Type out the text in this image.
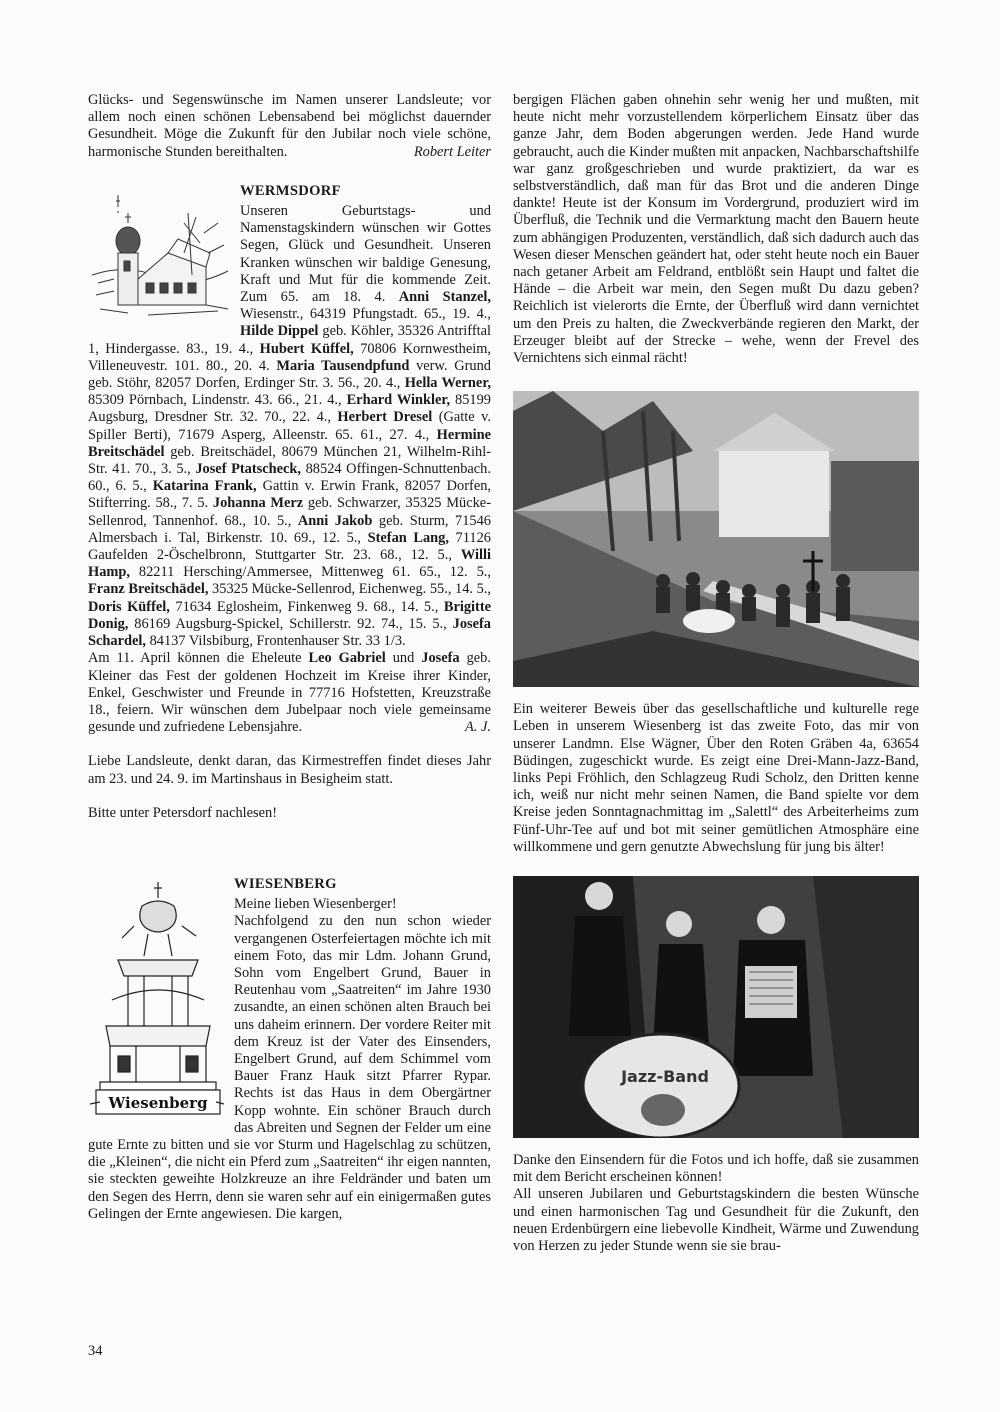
Glücks- und Segenswünsche im Namen unserer Landsleute; vor allem noch einen schönen Lebensabend bei möglichst dauernder Gesundheit. Möge die Zukunft für den Jubilar noch viele schöne, harmonische Stunden bereithalten.	Robert Leiter

WERMSDORF

Unseren Geburtstags- und Namenstagskindern wünschen wir Gottes Segen, Glück und Gesundheit. Unseren Kranken wünschen wir baldige Genesung, Kraft und Mut für die kommende Zeit. Zum 65. am 18. 4. Anni Stanzel, Wiesenstr., 64319 Pfungstadt. 65., 19. 4., Hilde Dippel geb. Köhler, 35326 Antrifftal 1, Hindergasse. 83., 19. 4., Hubert Küffel, 70806 Kornwestheim, Villeneuvestr. 101. 80., 20. 4. Maria Tausendpfund verw. Grund geb. Stöhr, 82057 Dorfen, Erdinger Str. 3. 56., 20. 4., Hella Werner, 85309 Pörnbach, Lindenstr. 43. 66., 21. 4., Erhard Winkler, 85199 Augsburg, Dresdner Str. 32. 70., 22. 4., Herbert Dresel (Gatte v. Spiller Berti), 71679 Asperg, Alleenstr. 65. 61., 27. 4., Hermine Breitschädel geb. Breitschädel, 80679 München 21, Wilhelm-Rihl-Str. 41. 70., 3. 5., Josef Ptatscheck, 88524 Offingen-Schnuttenbach. 60., 6. 5., Katarina Frank, Gattin v. Erwin Frank, 82057 Dorfen, Stifterring. 58., 7. 5. Johanna Merz geb. Schwarzer, 35325 Mücke-Sellenrod, Tannenhof. 68., 10. 5., Anni Jakob geb. Sturm, 71546 Almersbach i. Tal, Birkenstr. 10. 69., 12. 5., Stefan Lang, 71126 Gaufelden 2-Öschelbronn, Stuttgarter Str. 23. 68., 12. 5., Willi Hamp, 82211 Hersching/Ammersee, Mittenweg 61. 65., 12. 5., Franz Breitschädel, 35325 Mücke-Sellenrod, Eichenweg. 55., 14. 5., Doris Küffel, 71634 Eglosheim, Finkenweg 9. 68., 14. 5., Brigitte Donig, 86169 Augsburg-Spickel, Schillerstr. 92. 74., 15. 5., Josefa Schardel, 84137 Vilsbiburg, Frontenhauser Str. 33 1/3.

Am 11. April können die Eheleute Leo Gabriel und Josefa geb. Kleiner das Fest der goldenen Hochzeit im Kreise ihrer Kinder, Enkel, Geschwister und Freunde in 77716 Hofstetten, Kreuzstraße 18., feiern. Wir wünschen dem Jubelpaar noch viele gemeinsame gesunde und zufriedene Lebensjahre.	A. J.

Liebe Landsleute, denkt daran, das Kirmestreffen findet dieses Jahr am 23. und 24. 9. im Martinshaus in Besigheim statt.

Bitte unter Petersdorf nachlesen!

Wiesenberg
WIESENBERG

Meine lieben Wiesenberger!

Nachfolgend zu den nun schon wieder vergangenen Osterfeiertagen möchte ich mit einem Foto, das mir Ldm. Johann Grund, Sohn vom Engelbert Grund, Bauer in Reutenhau vom „Saatreiten“ im Jahre 1930 zusandte, an einen schönen alten Brauch bei uns daheim erinnern. Der vordere Reiter mit dem Kreuz ist der Vater des Einsenders, Engelbert Grund, auf dem Schimmel vom Bauer Franz Hauk sitzt Pfarrer Rypar. Rechts ist das Haus in dem Obergärtner Kopp wohnte. Ein schöner Brauch durch das Abreiten und Segnen der Felder um eine gute Ernte zu bitten und sie vor Sturm und Hagelschlag zu schützen, die „Kleinen“, die nicht ein Pferd zum „Saatreiten“ ihr eigen nannten, sie steckten geweihte Holzkreuze an ihre Feldränder und baten um den Segen des Herrn, denn sie waren sehr auf ein einigermaßen gutes Gelingen der Ernte angewiesen. Die kargen,

bergigen Flächen gaben ohnehin sehr wenig her und mußten, mit heute nicht mehr vorzustellendem körperlichem Einsatz über das ganze Jahr, dem Boden abgerungen werden. Jede Hand wurde gebraucht, auch die Kinder mußten mit anpacken, Nachbarschaftshilfe war ganz großgeschrieben und wurde praktiziert, da war es selbstverständlich, daß man für das Brot und die anderen Dinge dankte! Heute ist der Konsum im Vordergrund, produziert wird im Überfluß, die Technik und die Vermarktung macht den Bauern heute zum abhängigen Produzenten, verständlich, daß sich dadurch auch das Wesen dieser Menschen geändert hat, oder steht heute noch ein Bauer nach getaner Arbeit am Feldrand, entblößt sein Haupt und faltet die Hände – die Arbeit war mein, den Segen mußt Du dazu geben? Reichlich ist vielerorts die Ernte, der Überfluß wird dann vernichtet um den Preis zu halten, die Zweckverbände regieren den Markt, der Erzeuger bleibt auf der Strecke – wehe, wenn der Frevel des Vernichtens sich einmal rächt!

Ein weiterer Beweis über das gesellschaftliche und kulturelle rege Leben in unserem Wiesenberg ist das zweite Foto, das mir von unserer Landmn. Else Wägner, Über den Roten Gräben 4a, 63654 Büdingen, zugeschickt wurde. Es zeigt eine Drei-Mann-Jazz-Band, links Pepi Fröhlich, den Schlagzeug Rudi Scholz, den Dritten kenne ich, weiß nur nicht mehr seinen Namen, die Band spielte vor dem Kreise jeden Sonntagnachmittag im „Salettl“ des Arbeiterheims zum Fünf-Uhr-Tee auf und bot mit seiner gemütlichen Atmosphäre eine willkommene und gern genutzte Abwechslung für jung bis älter!

Jazz-Band

Danke den Einsendern für die Fotos und ich hoffe, daß sie zusammen mit dem Bericht erscheinen können!

All unseren Jubilaren und Geburtstagskindern die besten Wünsche und einen harmonischen Tag und Gesundheit für die Zukunft, den neuen Erdenbürgern eine liebevolle Kindheit, Wärme und Zuwendung von Herzen zu jeder Stunde wenn sie sie brau-

34
